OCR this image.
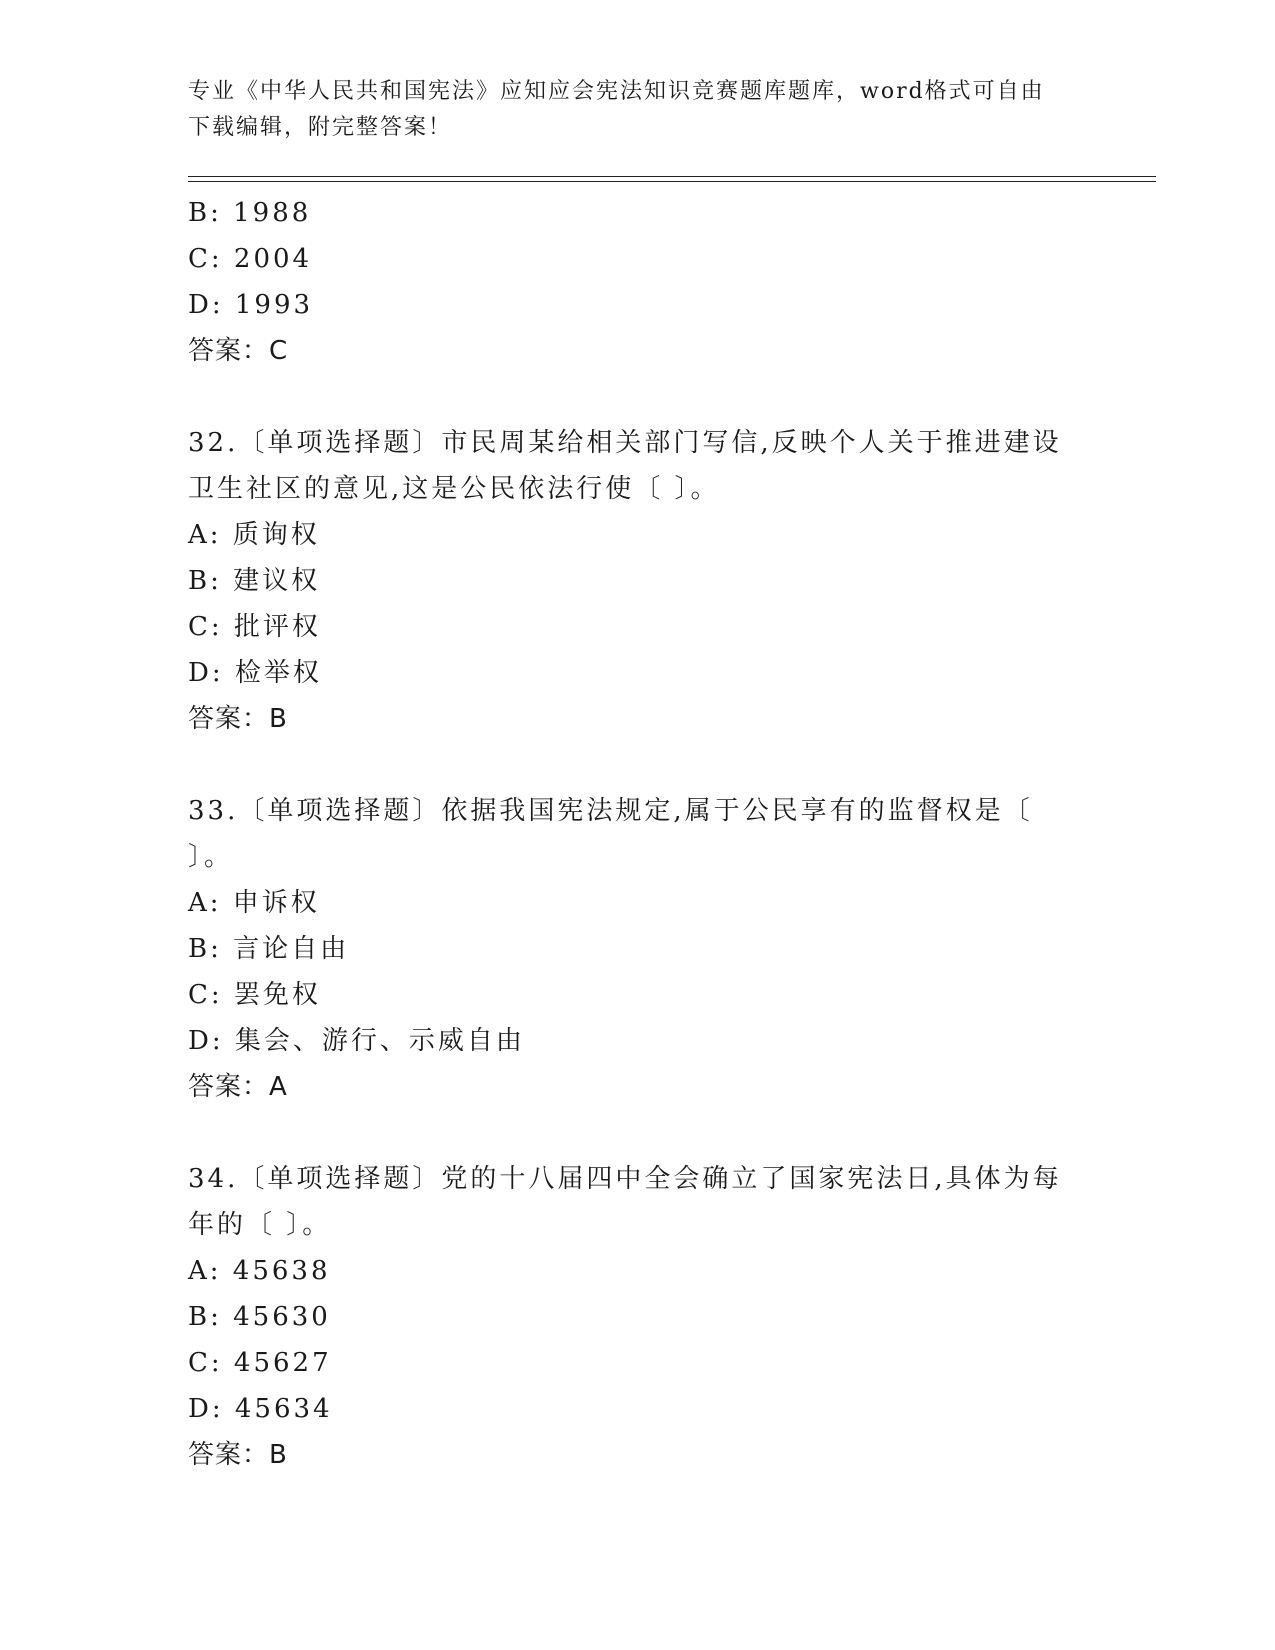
专业《中华人民共和国宪法》应知应会宪法知识竞赛题库题库，word格式可自由
下载编辑，附完整答案！
B: 1988
C: 2004
D: 1993
答案：C
32.〔单项选择题〕市民周某给相关部门写信,反映个人关于推进建设
卫生社区的意见,这是公民依法行使〔 〕。
A: 质询权
B: 建议权
C: 批评权
D: 检举权
答案：B
33.〔单项选择题〕依据我国宪法规定,属于公民享有的监督权是〔
〕。
A: 申诉权
B: 言论自由
C: 罢免权
D: 集会、游行、示威自由
答案：A
34.〔单项选择题〕党的十八届四中全会确立了国家宪法日,具体为每
年的〔 〕。
A: 45638
B: 45630
C: 45627
D: 45634
答案：B
